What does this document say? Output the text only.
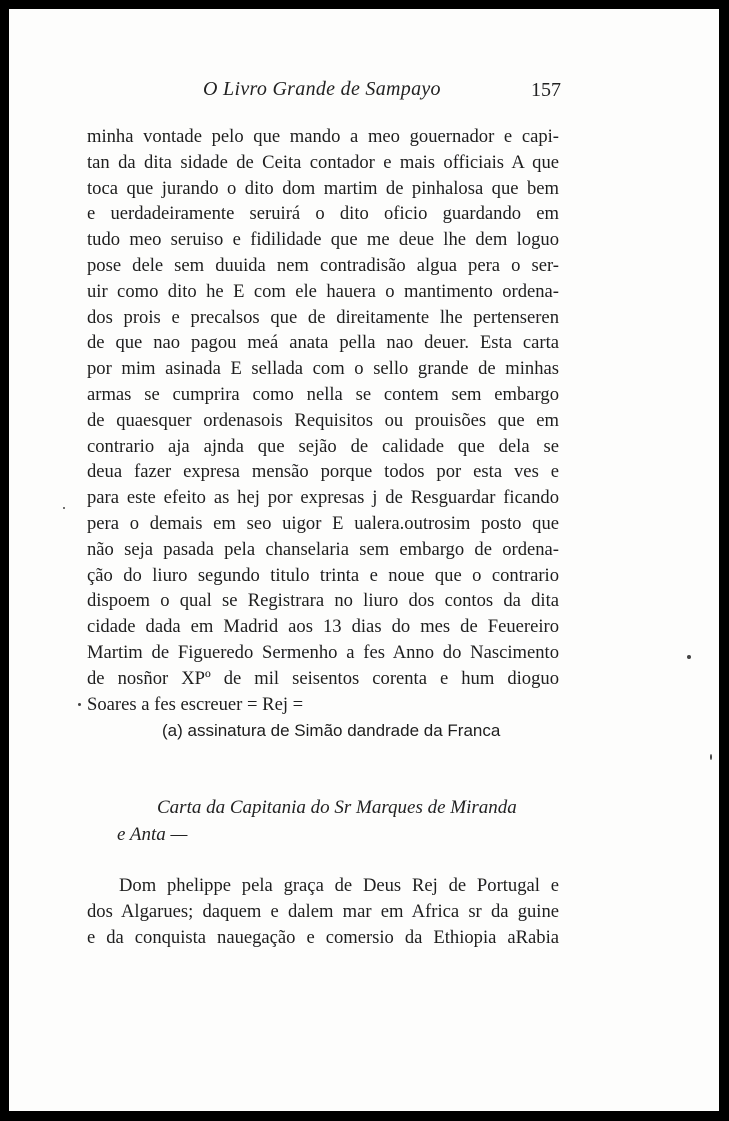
O Livro Grande de Sampayo	157
minha vontade pelo que mando a meo gouernador e capi-
tan da dita sidade de Ceita contador e mais officiais A que
toca que jurando o dito dom martim de pinhalosa que bem
e uerdadeiramente seruirá o dito oficio guardando em
tudo meo seruiso e fidilidade que me deue lhe dem loguo
pose dele sem duuida nem contradisão algua pera o ser-
uir como dito he E com ele hauera o mantimento ordena-
dos prois e precalsos que de direitamente lhe pertenseren
de que nao pagou meá anata pella nao deuer. Esta carta
por mim asinada E sellada com o sello grande de minhas
armas se cumprira como nella se contem sem embargo
de quaesquer ordenasois Requisitos ou prouisões que em
contrario aja ajnda que sejão de calidade que dela se
deua fazer expresa mensão porque todos por esta ves e
para este efeito as hej por expresas j de Resguardar ficando
pera o demais em seo uigor E ualera.outrosim posto que
não seja pasada pela chanselaria sem embargo de ordena-
ção do liuro segundo titulo trinta e noue que o contrario
dispoem o qual se Registrara no liuro dos contos da dita
cidade dada em Madrid aos 13 dias do mes de Feuereiro
Martim de Figueredo Sermenho a fes Anno do Nascimento
de nosñor XPº de mil seisentos corenta e hum dioguo
Soares a fes escreuer = Rej =
(a) assinatura de Simão dandrade da Franca
Carta da Capitania do Sr Marques de Miranda
e Anta —
Dom phelippe pela graça de Deus Rej de Portugal e
dos Algarues; daquem e dalem mar em Africa sr da guine
e da conquista nauegação e comersio da Ethiopia aRabia
